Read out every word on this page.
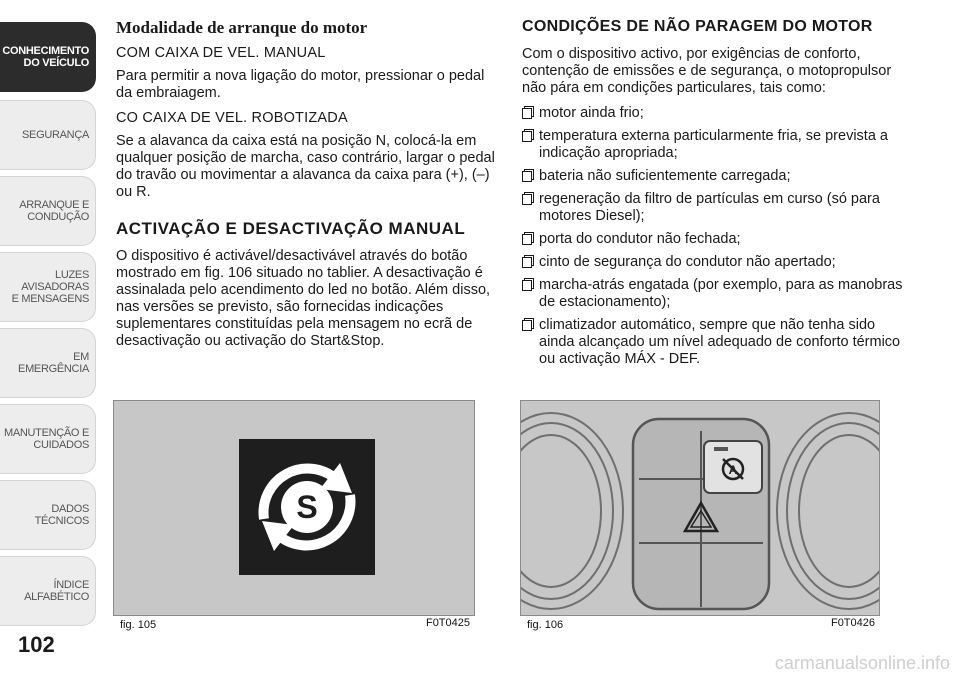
CONHECIMENTO
DO VEÍCULO
SEGURANÇA
ARRANQUE E
CONDUÇÃO
LUZES AVISADORAS
E MENSAGENS
EM EMERGÊNCIA
MANUTENÇÃO E
CUIDADOS
DADOS TÉCNICOS
ÍNDICE ALFABÉTICO
102
Modalidade de arranque do motor

COM CAIXA DE VEL. MANUAL

Para permitir a nova ligação do motor, pressionar o pedal da embraiagem.

CO CAIXA DE VEL. ROBOTIZADA

Se a alavanca da caixa está na posição N, colocá-la em qualquer posição de marcha, caso contrário, largar o pedal do travão ou movimentar a alavanca da caixa para (+), (–) ou R.

ACTIVAÇÃO E DESACTIVAÇÃO MANUAL

O dispositivo é activável/desactivável através do botão mostrado em fig. 106 situado no tablier. A desactivação é assinalada pelo acendimento do led no botão. Além disso, nas versões se previsto, são fornecidas indicações suplementares constituídas pela mensagem no ecrã de desactivação ou activação do Start&Stop.

CONDIÇÕES DE NÃO PARAGEM DO MOTOR

Com o dispositivo activo, por exigências de conforto, contenção de emissões e de segurança, o motopropulsor não pára em condições particulares, tais como:

motor ainda frio;
temperatura externa particularmente fria, se prevista a indicação apropriada;
bateria não suficientemente carregada;
regeneração da filtro de partículas em curso (só para motores Diesel);
porta do condutor não fechada;
cinto de segurança do condutor não apertado;
marcha-atrás engatada (por exemplo, para as manobras de estacionamento);
climatizador automático, sempre que não tenha sido ainda alcançado um nível adequado de conforto térmico ou activação MÁX - DEF.
S
fig. 105	F0T0425
A
fig. 106	F0T0426
carmanualsonline.info
